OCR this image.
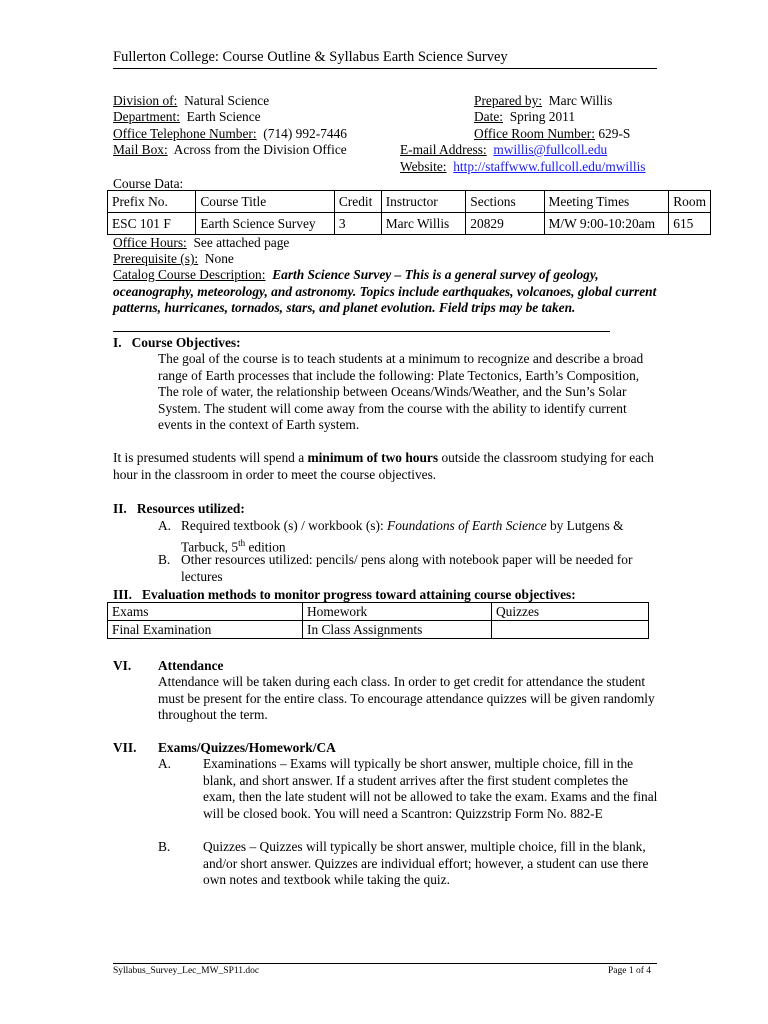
Fullerton College: Course Outline & Syllabus Earth Science Survey
Division of: Natural Science
Department: Earth Science
Office Telephone Number: (714) 992-7446
Mail Box: Across from the Division Office
Prepared by: Marc Willis
Date: Spring 2011
Office Room Number: 629-S
E-mail Address: mwillis@fullcoll.edu
Website: http://staffwww.fullcoll.edu/mwillis
Course Data:
Prefix No.	Course Title	Credit	Instructor	Sections	Meeting Times	Room
ESC 101 F	Earth Science Survey	3	Marc Willis	20829	M/W 9:00-10:20am	615
Office Hours: See attached page
Prerequisite (s): None
Catalog Course Description: Earth Science Survey – This is a general survey of geology, oceanography, meteorology, and astronomy. Topics include earthquakes, volcanoes, global current patterns, hurricanes, tornados, stars, and planet evolution. Field trips may be taken.
I. Course Objectives:
The goal of the course is to teach students at a minimum to recognize and describe a broad range of Earth processes that include the following: Plate Tectonics, Earth’s Composition, The role of water, the relationship between Oceans/Winds/Weather, and the Sun’s Solar System. The student will come away from the course with the ability to identify current events in the context of Earth system.
It is presumed students will spend a minimum of two hours outside the classroom studying for each hour in the classroom in order to meet the course objectives.
II. Resources utilized:
A. Required textbook (s) / workbook (s): Foundations of Earth Science by Lutgens & Tarbuck, 5th edition
B. Other resources utilized: pencils/ pens along with notebook paper will be needed for lectures
III. Evaluation methods to monitor progress toward attaining course objectives:
Exams	Homework	Quizzes
Final Examination	In Class Assignments	
VI. Attendance
Attendance will be taken during each class. In order to get credit for attendance the student must be present for the entire class. To encourage attendance quizzes will be given randomly throughout the term.
VII. Exams/Quizzes/Homework/CA
A. Examinations – Exams will typically be short answer, multiple choice, fill in the blank, and short answer. If a student arrives after the first student completes the exam, then the late student will not be allowed to take the exam. Exams and the final will be closed book. You will need a Scantron: Quizzstrip Form No. 882-E
B. Quizzes – Quizzes will typically be short answer, multiple choice, fill in the blank, and/or short answer. Quizzes are individual effort; however, a student can use there own notes and textbook while taking the quiz.
Syllabus_Survey_Lec_MW_SP11.doc	Page 1 of 4
